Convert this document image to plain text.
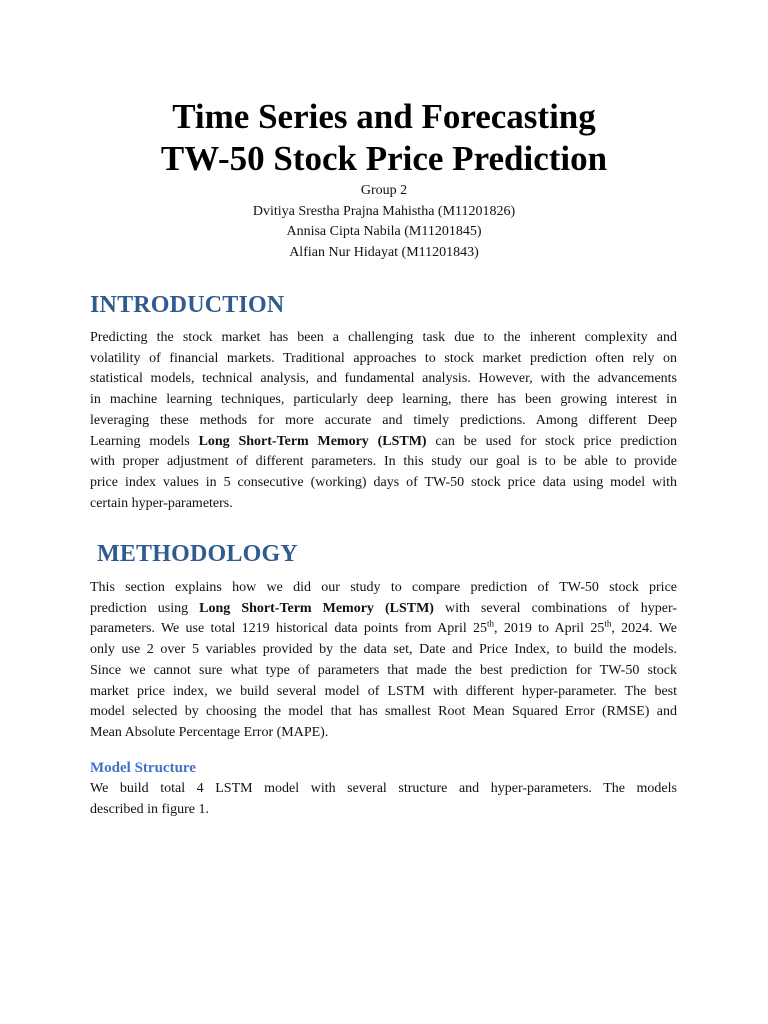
Time Series and Forecasting
TW-50 Stock Price Prediction
Group 2
Dvitiya Srestha Prajna Mahistha (M11201826)
Annisa Cipta Nabila (M11201845)
Alfian Nur Hidayat (M11201843)
INTRODUCTION
Predicting the stock market has been a challenging task due to the inherent complexity and
volatility of financial markets. Traditional approaches to stock market prediction often rely on
statistical models, technical analysis, and fundamental analysis. However, with the advancements
in machine learning techniques, particularly deep learning, there has been growing interest in
leveraging these methods for more accurate and timely predictions. Among different Deep
Learning models Long Short-Term Memory (LSTM) can be used for stock price prediction
with proper adjustment of different parameters. In this study our goal is to be able to provide
price index values in 5 consecutive (working) days of TW-50 stock price data using model with
certain hyper-parameters.
METHODOLOGY
This section explains how we did our study to compare prediction of TW-50 stock price
prediction using Long Short-Term Memory (LSTM) with several combinations of hyper-
parameters. We use total 1219 historical data points from April 25th, 2019 to April 25th, 2024. We
only use 2 over 5 variables provided by the data set, Date and Price Index, to build the models.
Since we cannot sure what type of parameters that made the best prediction for TW-50 stock
market price index, we build several model of LSTM with different hyper-parameter. The best
model selected by choosing the model that has smallest Root Mean Squared Error (RMSE) and
Mean Absolute Percentage Error (MAPE).
Model Structure
We build total 4 LSTM model with several structure and hyper-parameters. The models
described in figure 1.
